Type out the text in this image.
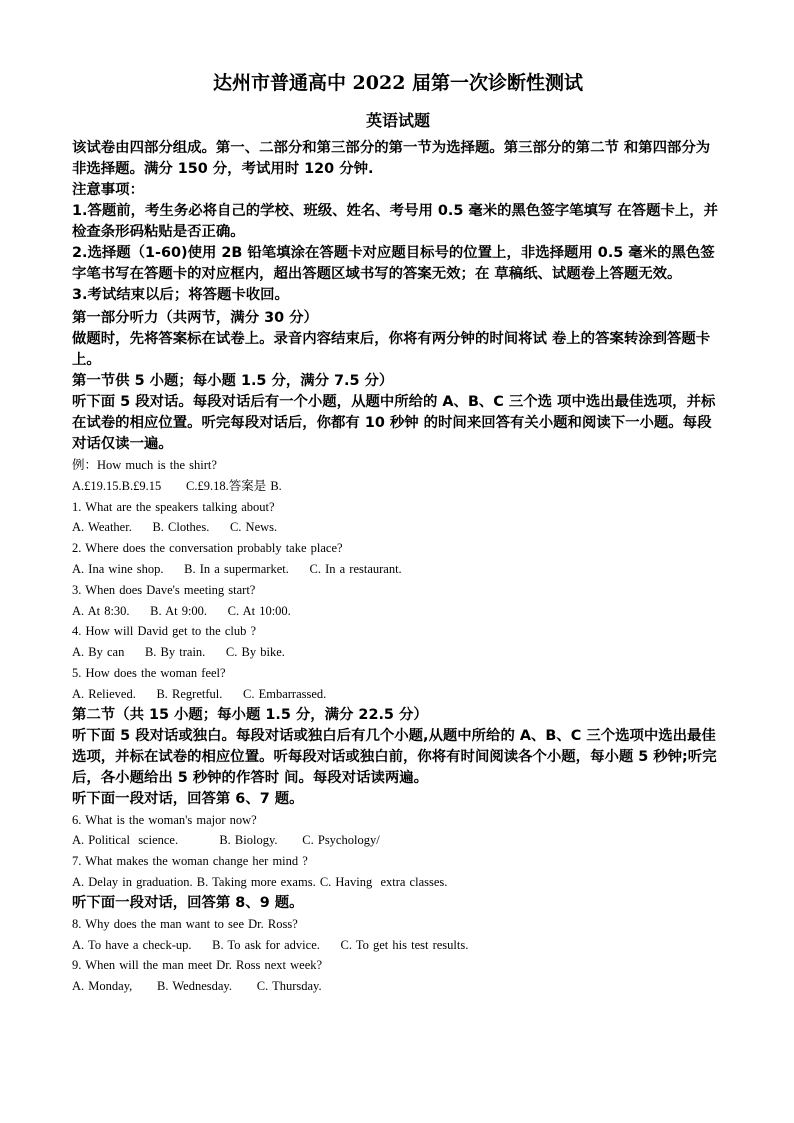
达州市普通高中 2022 届第一次诊断性测试
英语试题

该试卷由四部分组成。第一、二部分和第三部分的第一节为选择题。第三部分的第二节 和第四部分为非选择题。满分 150 分，考试用时 120 分钟.

注意事项：

1.答题前，考生务必将自己的学校、班级、姓名、考号用 0.5 毫米的黑色签字笔填写 在答题卡上，并检查条形码粘贴是否正确。

2.选择题（1-60)使用 2B 铅笔填涂在答题卡对应题目标号的位置上，非选择题用 0.5 毫米的黑色签字笔书写在答题卡的对应框内，超出答题区域书写的答案无效；在 草稿纸、试题卷上答题无效。

3.考试结束以后；将答题卡收回。

第一部分听力（共两节，满分 30 分）

做题时，先将答案标在试卷上。录音内容结束后，你将有两分钟的时间将试 卷上的答案转涂到答题卡上。

第一节供 5 小题；每小题 1.5 分，满分 7.5 分）

听下面 5 段对话。每段对话后有一个小题，从题中所给的 A、B、C 三个选 项中选出最佳选项，并标在试卷的相应位置。听完每段对话后，你都有 10 秒钟 的时间来回答有关小题和阅读下一小题。每段对话仅读一遍。

例：How much is the shirt?

A.£19.15.B.£9.15      C.£9.18.答案是 B.

1. What are the speakers talking about?

A. Weather.     B. Clothes.     C. News.

2. Where does the conversation probably take place?

A. Ina wine shop.     B. In a supermarket.     C. In a restaurant.

3. When does Dave's meeting start?

A. At 8:30.     B. At 9:00.     C. At 10:00.

4. How will David get to the club ?

A. By can     B. By train.     C. By bike.

5. How does the woman feel?

A. Relieved.     B. Regretful.     C. Embarrassed.

第二节（共 15 小题；每小题 1.5 分，满分 22.5 分）

听下面 5 段对话或独白。每段对话或独白后有几个小题,从题中所给的 A、B、C 三个选项中选出最佳选项，并标在试卷的相应位置。听每段对话或独白前，你将有时间阅读各个小题，每小题 5 秒钟;听完后，各小题给出 5 秒钟的作答时 间。每段对话读两遍。

听下面一段对话，回答第 6、7 题。

6. What is the woman's major now?

A. Political  science.          B. Biology.      C. Psychology/

7. What makes the woman change her mind ?

A. Delay in graduation. B. Taking more exams. C. Having  extra classes.

听下面一段对话，回答第 8、9 题。

8. Why does the man want to see Dr. Ross?

A. To have a check-up.     B. To ask for advice.     C. To get his test results.

9. When will the man meet Dr. Ross next week?

A. Monday,      B. Wednesday.      C. Thursday.
